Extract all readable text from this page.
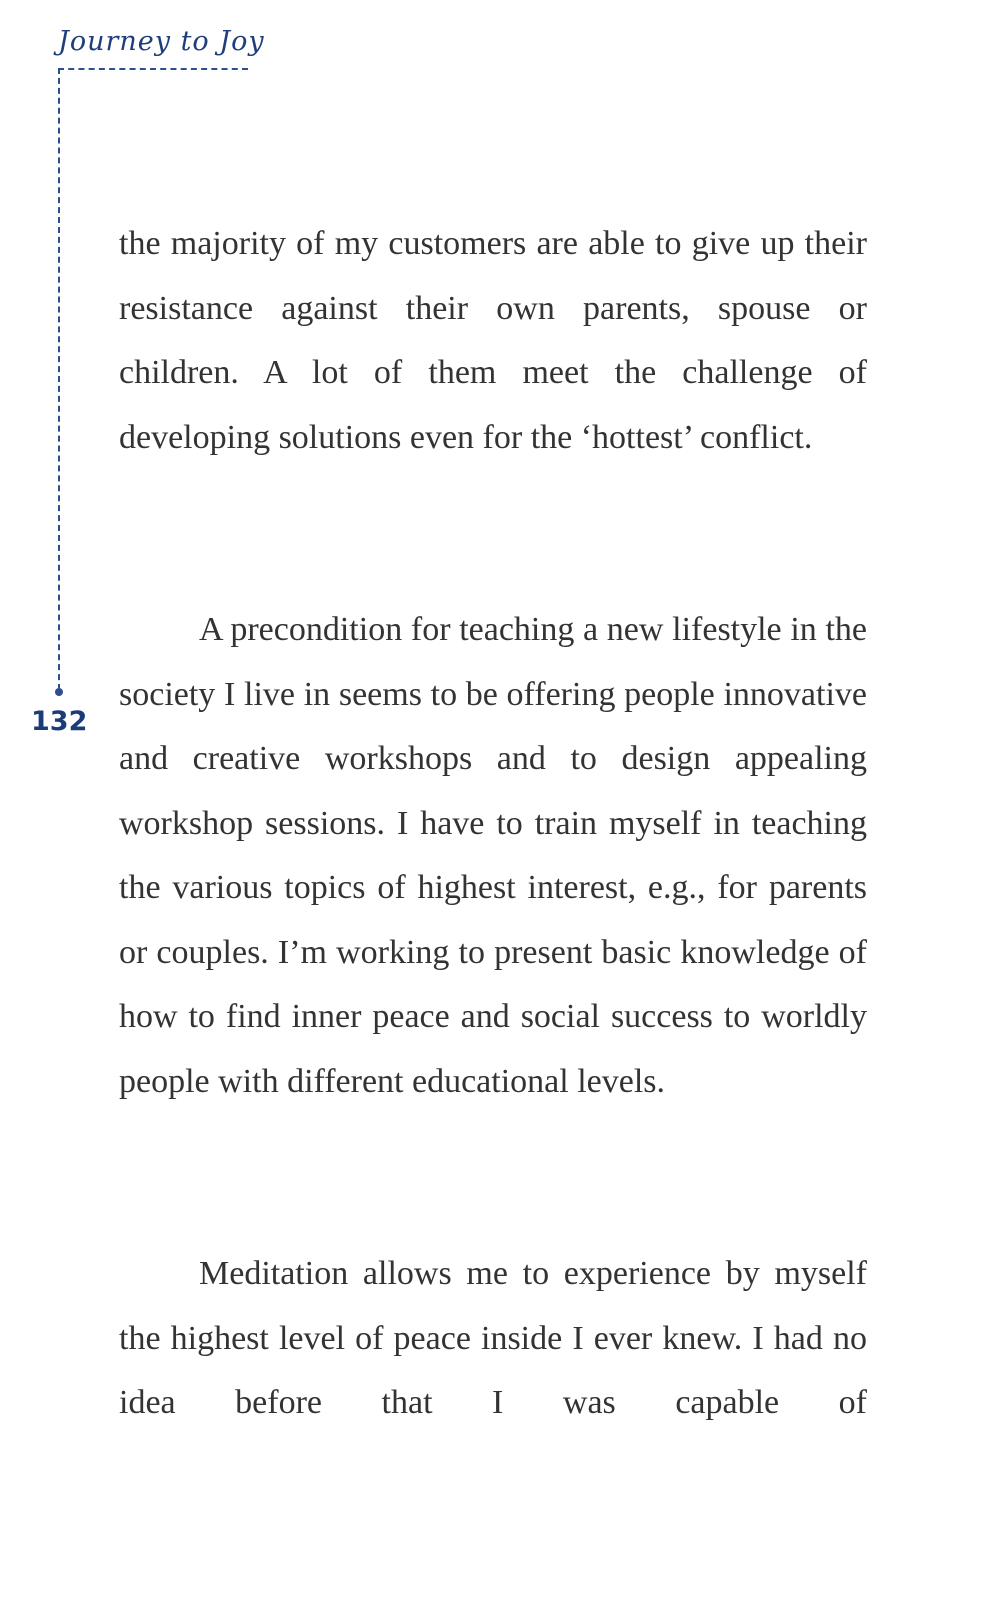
Journey to Joy
132

the majority of my customers are able to give up their resistance against their own parents, spouse or children. A lot of them meet the challenge of developing solutions even for the ‘hottest’ conflict.

A precondition for teaching a new lifestyle in the society I live in seems to be offering people innovative and creative workshops and to design appealing workshop sessions. I have to train myself in teaching the various topics of highest interest, e.g., for parents or couples. I’m working to present basic knowledge of how to find inner peace and social success to worldly people with different educational levels.

Meditation allows me to experience by myself the highest level of peace inside I ever knew. I had no idea before that I was capable of
